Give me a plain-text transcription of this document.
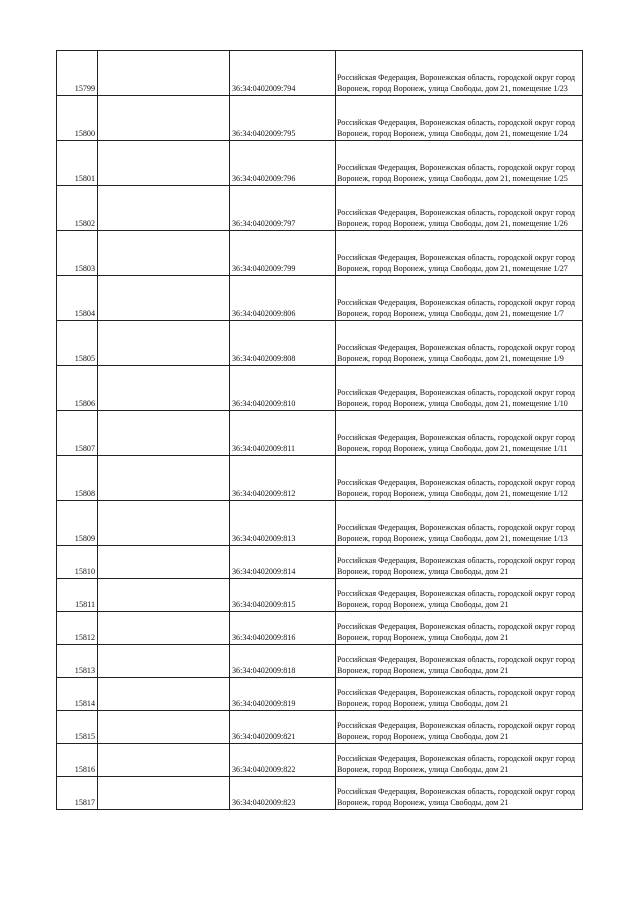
15799		36:34:0402009:794	Российская Федерация, Воронежская область, городской округ город Воронеж, город Воронеж, улица Свободы, дом 21, помещение 1/23
15800		36:34:0402009:795	Российская Федерация, Воронежская область, городской округ город Воронеж, город Воронеж, улица Свободы, дом 21, помещение 1/24
15801		36:34:0402009:796	Российская Федерация, Воронежская область, городской округ город Воронеж, город Воронеж, улица Свободы, дом 21, помещение 1/25
15802		36:34:0402009:797	Российская Федерация, Воронежская область, городской округ город Воронеж, город Воронеж, улица Свободы, дом 21, помещение 1/26
15803		36:34:0402009:799	Российская Федерация, Воронежская область, городской округ город Воронеж, город Воронеж, улица Свободы, дом 21, помещение 1/27
15804		36:34:0402009:806	Российская Федерация, Воронежская область, городской округ город Воронеж, город Воронеж, улица Свободы, дом 21, помещение 1/7
15805		36:34:0402009:808	Российская Федерация, Воронежская область, городской округ город Воронеж, город Воронеж, улица Свободы, дом 21, помещение 1/9
15806		36:34:0402009:810	Российская Федерация, Воронежская область, городской округ город Воронеж, город Воронеж, улица Свободы, дом 21, помещение 1/10
15807		36:34:0402009:811	Российская Федерация, Воронежская область, городской округ город Воронеж, город Воронеж, улица Свободы, дом 21, помещение 1/11
15808		36:34:0402009:812	Российская Федерация, Воронежская область, городской округ город Воронеж, город Воронеж, улица Свободы, дом 21, помещение 1/12
15809		36:34:0402009:813	Российская Федерация, Воронежская область, городской округ город Воронеж, город Воронеж, улица Свободы, дом 21, помещение 1/13
15810		36:34:0402009:814	Российская Федерация, Воронежская область, городской округ город Воронеж, город Воронеж, улица Свободы, дом 21
15811		36:34:0402009:815	Российская Федерация, Воронежская область, городской округ город Воронеж, город Воронеж, улица Свободы, дом 21
15812		36:34:0402009:816	Российская Федерация, Воронежская область, городской округ город Воронеж, город Воронеж, улица Свободы, дом 21
15813		36:34:0402009:818	Российская Федерация, Воронежская область, городской округ город Воронеж, город Воронеж, улица Свободы, дом 21
15814		36:34:0402009:819	Российская Федерация, Воронежская область, городской округ город Воронеж, город Воронеж, улица Свободы, дом 21
15815		36:34:0402009:821	Российская Федерация, Воронежская область, городской округ город Воронеж, город Воронеж, улица Свободы, дом 21
15816		36:34:0402009:822	Российская Федерация, Воронежская область, городской округ город Воронеж, город Воронеж, улица Свободы, дом 21
15817		36:34:0402009:823	Российская Федерация, Воронежская область, городской округ город Воронеж, город Воронеж, улица Свободы, дом 21
